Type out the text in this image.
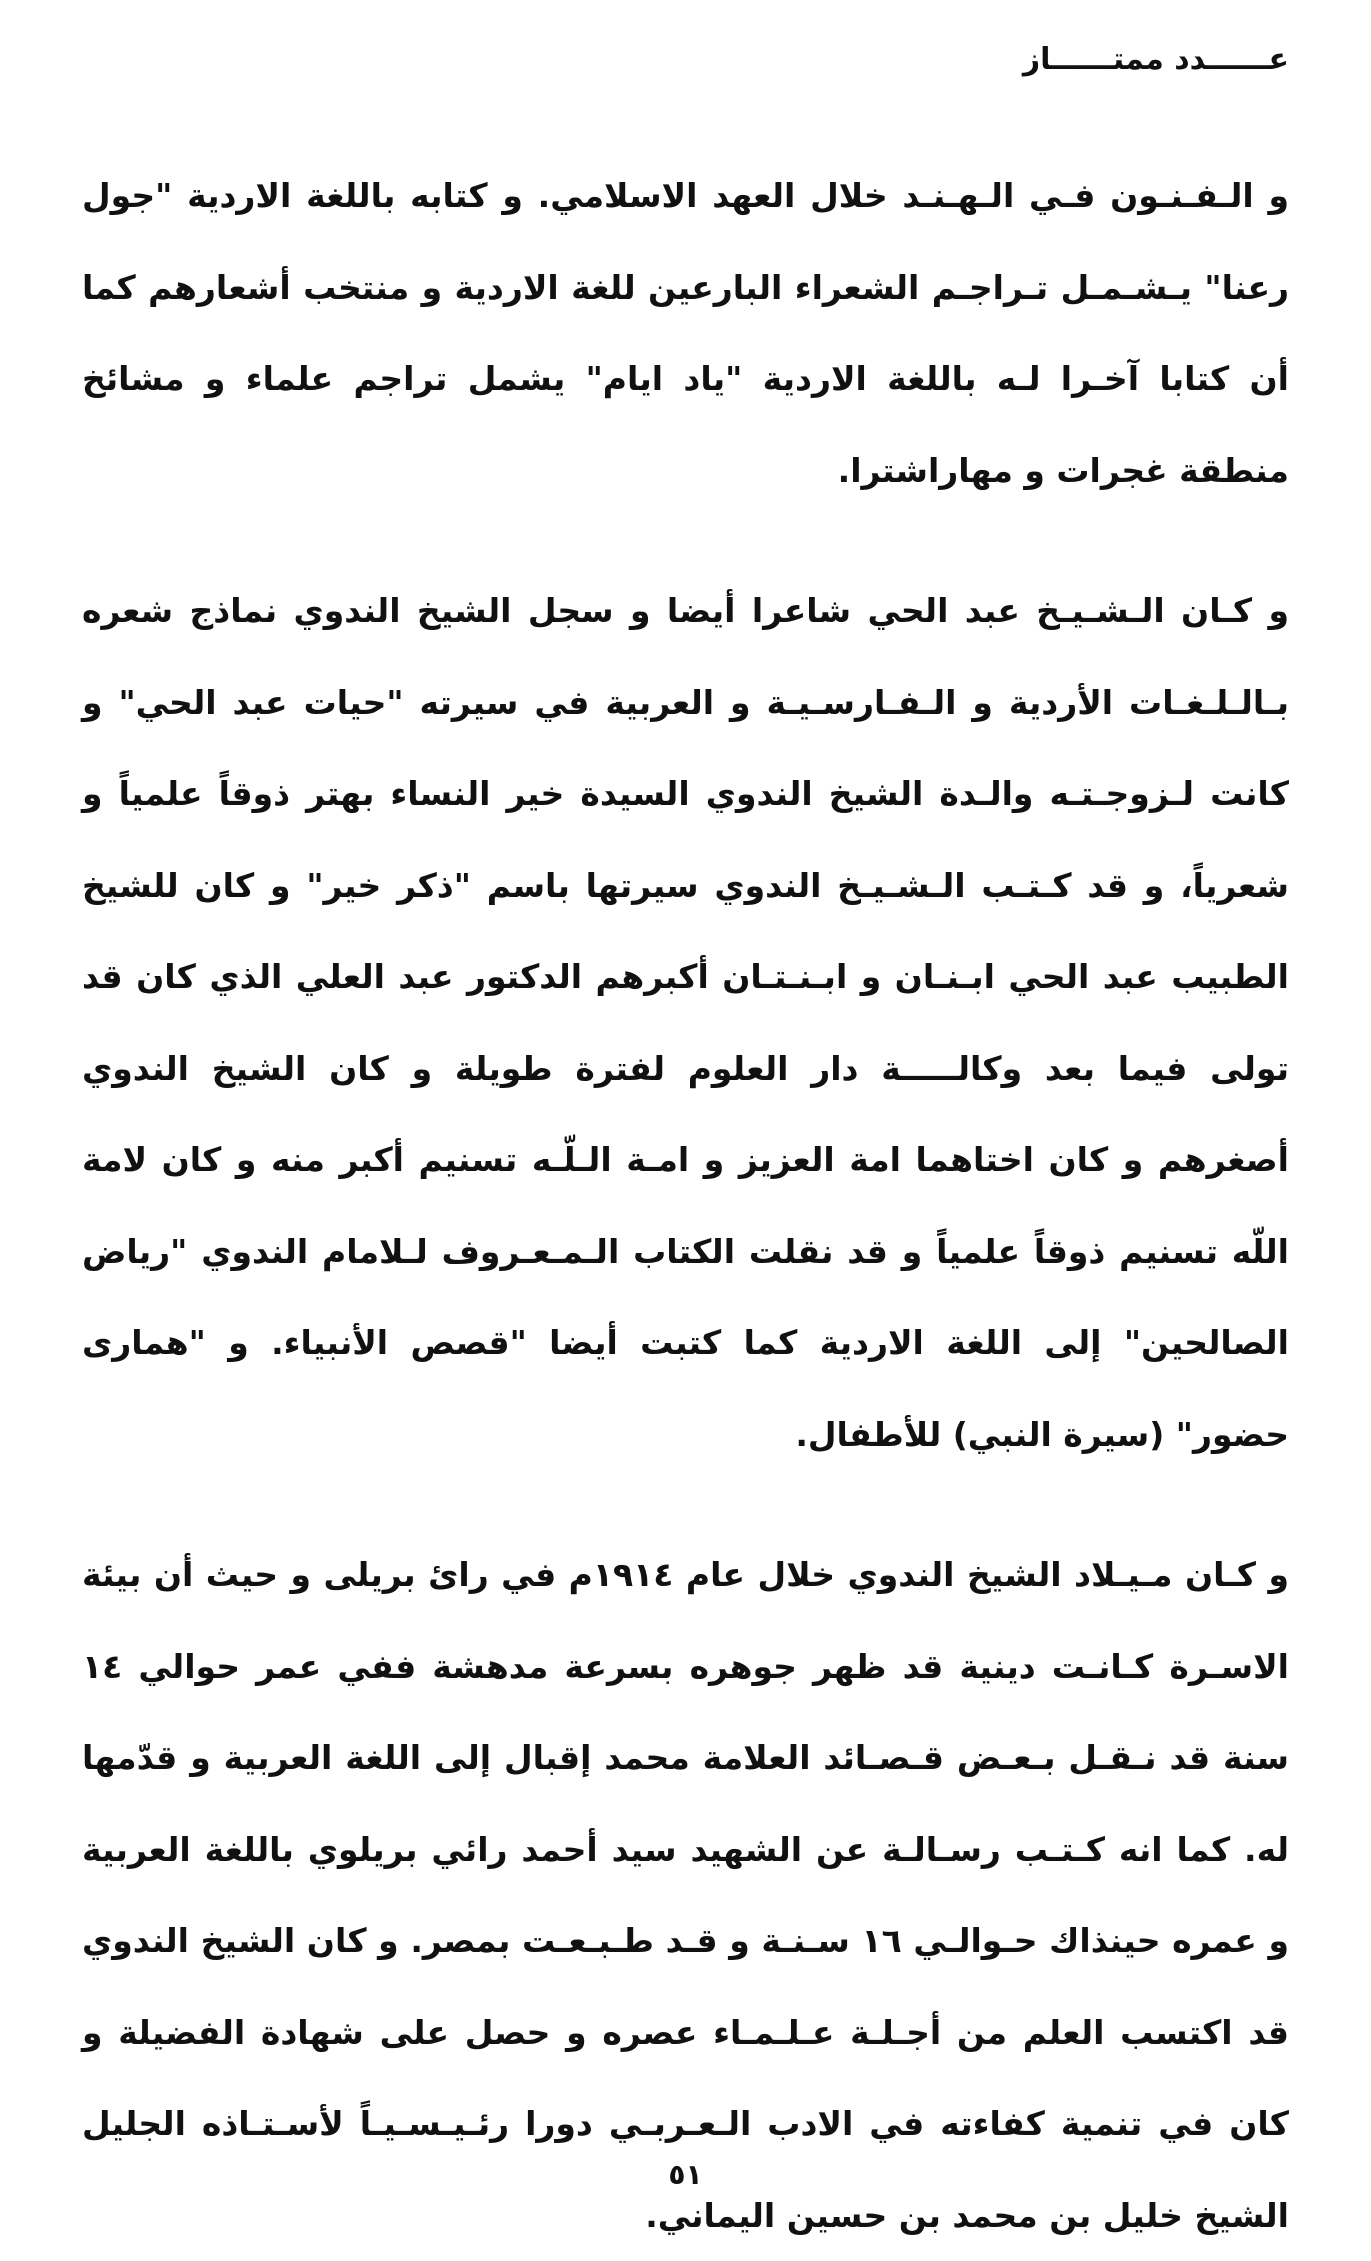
عــــــدد ممتــــــاز

و الـفـنـون فـي الـهـنـد خلال العهد الاسلامي. و كتابه باللغة الاردية "جول رعنا" يـشـمـل تـراجـم الشعراء البارعين للغة الاردية و منتخب أشعارهم كما أن كتابا آخـرا لـه باللغة الاردية "ياد ايام" يشمل تراجم علماء و مشائخ منطقة غجرات و مهاراشترا.

و كـان الـشـيـخ عبد الحي شاعرا أيضا و سجل الشيخ الندوي نماذج شعره بـالـلـغـات الأردية و الـفـارسـيـة و العربية في سيرته "حيات عبد الحي" و كانت لـزوجـتـه والـدة الشيخ الندوي السيدة خير النساء بهتر ذوقاً علمياً و شعرياً، و قد كـتـب الـشـيـخ الندوي سيرتها باسم "ذكر خير" و كان للشيخ الطبيب عبد الحي ابـنـان و ابـنـتـان أكبرهم الدكتور عبد العلي الذي كان قد تولى فيما بعد وكالـــــة دار العلوم لفترة طويلة و كان الشيخ الندوي أصغرهم و كان اختاهما امة العزيز و امـة الـلّـه تسنيم أكبر منه و كان لامة اللّه تسنيم ذوقاً علمياً و قد نقلت الكتاب الـمـعـروف لـلامام الندوي "رياض الصالحين" إلى اللغة الاردية كما كتبت أيضا "قصص الأنبياء. و "همارى حضور" (سيرة النبي) للأطفال.

و كـان مـيـلاد الشيخ الندوي خلال عام ١٩١٤م في رائ بريلى و حيث أن بيئة الاسـرة كـانـت دينية قد ظهر جوهره بسرعة مدهشة ففي عمر حوالي ١٤ سنة قد نـقـل بـعـض قـصـائد العلامة محمد إقبال إلى اللغة العربية و قدّمها له. كما انه كـتـب رسـالـة عن الشهيد سيد أحمد رائي بريلوي باللغة العربية و عمره حينذاك حـوالـي ١٦ سـنـة و قـد طـبـعـت بمصر. و كان الشيخ الندوي قد اكتسب العلم من أجـلـة عـلـمـاء عصره و حصل على شهادة الفضيلة و كان في تنمية كفاءته في الادب الـعـربـي دورا رئـيـسـيـاً لأسـتـاذه الجليل الشيخ خليل بن محمد بن حسين اليماني.

٥١
